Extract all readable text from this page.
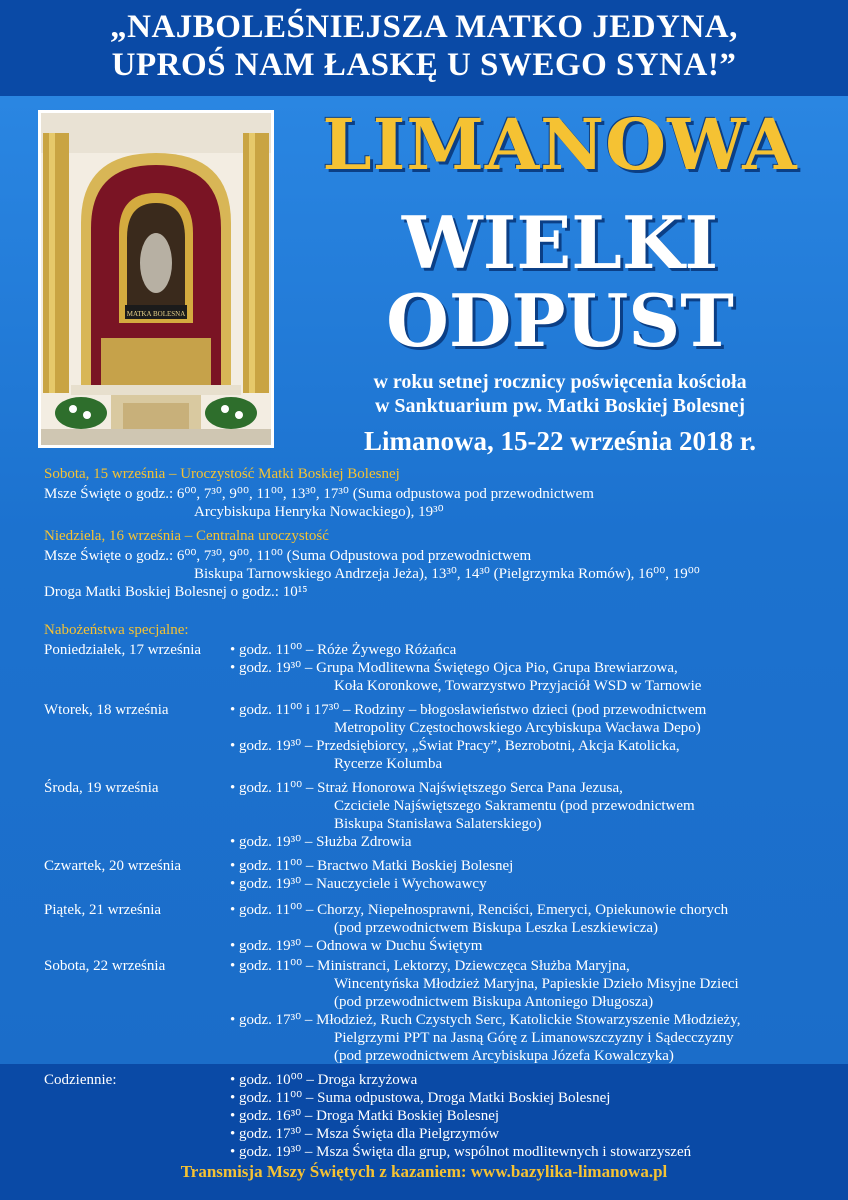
„NAJBOLEŚNIEJSZA MATKO JEDYNA,
UPROŚ NAM ŁASKĘ U SWEGO SYNA!”
MATKA BOLESNA
LIMANOWA
WIELKI
ODPUST
w roku setnej rocznicy poświęcenia kościoła
w Sanktuarium pw. Matki Boskiej Bolesnej
Limanowa, 15-22 września 2018 r.
Sobota, 15 września – Uroczystość Matki Boskiej Bolesnej
Msze Święte o godz.: 6⁰⁰, 7³⁰, 9⁰⁰, 11⁰⁰, 13³⁰, 17³⁰ (Suma odpustowa pod przewodnictwem
Arcybiskupa Henryka Nowackiego), 19³⁰
Niedziela, 16 września – Centralna uroczystość
Msze Święte o godz.: 6⁰⁰, 7³⁰, 9⁰⁰, 11⁰⁰ (Suma Odpustowa pod przewodnictwem
Biskupa Tarnowskiego Andrzeja Jeża), 13³⁰, 14³⁰ (Pielgrzymka Romów), 16⁰⁰, 19⁰⁰
Droga Matki Boskiej Bolesnej o godz.: 10¹⁵
Nabożeństwa specjalne:
Poniedziałek, 17 września • godz. 11⁰⁰ – Róże Żywego Różańca
• godz. 19³⁰ – Grupa Modlitewna Świętego Ojca Pio, Grupa Brewiarzowa,
Koła Koronkowe, Towarzystwo Przyjaciół WSD w Tarnowie
Wtorek, 18 września	• godz. 11⁰⁰ i 17³⁰ – Rodziny – błogosławieństwo dzieci (pod przewodnictwem
Metropolity Częstochowskiego Arcybiskupa Wacława Depo)
• godz. 19³⁰ – Przedsiębiorcy, „Świat Pracy”, Bezrobotni, Akcja Katolicka,
Rycerze Kolumba
Środa, 19 września	• godz. 11⁰⁰ – Straż Honorowa Najświętszego Serca Pana Jezusa,
Czciciele Najświętszego Sakramentu (pod przewodnictwem
Biskupa Stanisława Salaterskiego)
• godz. 19³⁰ – Służba Zdrowia
Czwartek, 20 września	• godz. 11⁰⁰ – Bractwo Matki Boskiej Bolesnej
• godz. 19³⁰ – Nauczyciele i Wychowawcy
Piątek, 21 września	• godz. 11⁰⁰ – Chorzy, Niepełnosprawni, Renciści, Emeryci, Opiekunowie chorych
(pod przewodnictwem Biskupa Leszka Leszkiewicza)
• godz. 19³⁰ – Odnowa w Duchu Świętym
Sobota, 22 września	• godz. 11⁰⁰ – Ministranci, Lektorzy, Dziewczęca Służba Maryjna,
Wincentyńska Młodzież Maryjna, Papieskie Dzieło Misyjne Dzieci
(pod przewodnictwem Biskupa Antoniego Długosza)
• godz. 17³⁰ – Młodzież, Ruch Czystych Serc, Katolickie Stowarzyszenie Młodzieży,
Pielgrzymi PPT na Jasną Górę z Limanowszczyzny i Sądecczyzny
(pod przewodnictwem Arcybiskupa Józefa Kowalczyka)
Codziennie:	• godz. 10⁰⁰ – Droga krzyżowa
• godz. 11⁰⁰ – Suma odpustowa, Droga Matki Boskiej Bolesnej
• godz. 16³⁰ – Droga Matki Boskiej Bolesnej
• godz. 17³⁰ – Msza Święta dla Pielgrzymów
• godz. 19³⁰ – Msza Święta dla grup, wspólnot modlitewnych i stowarzyszeń
Transmisja Mszy Świętych z kazaniem: www.bazylika-limanowa.pl
